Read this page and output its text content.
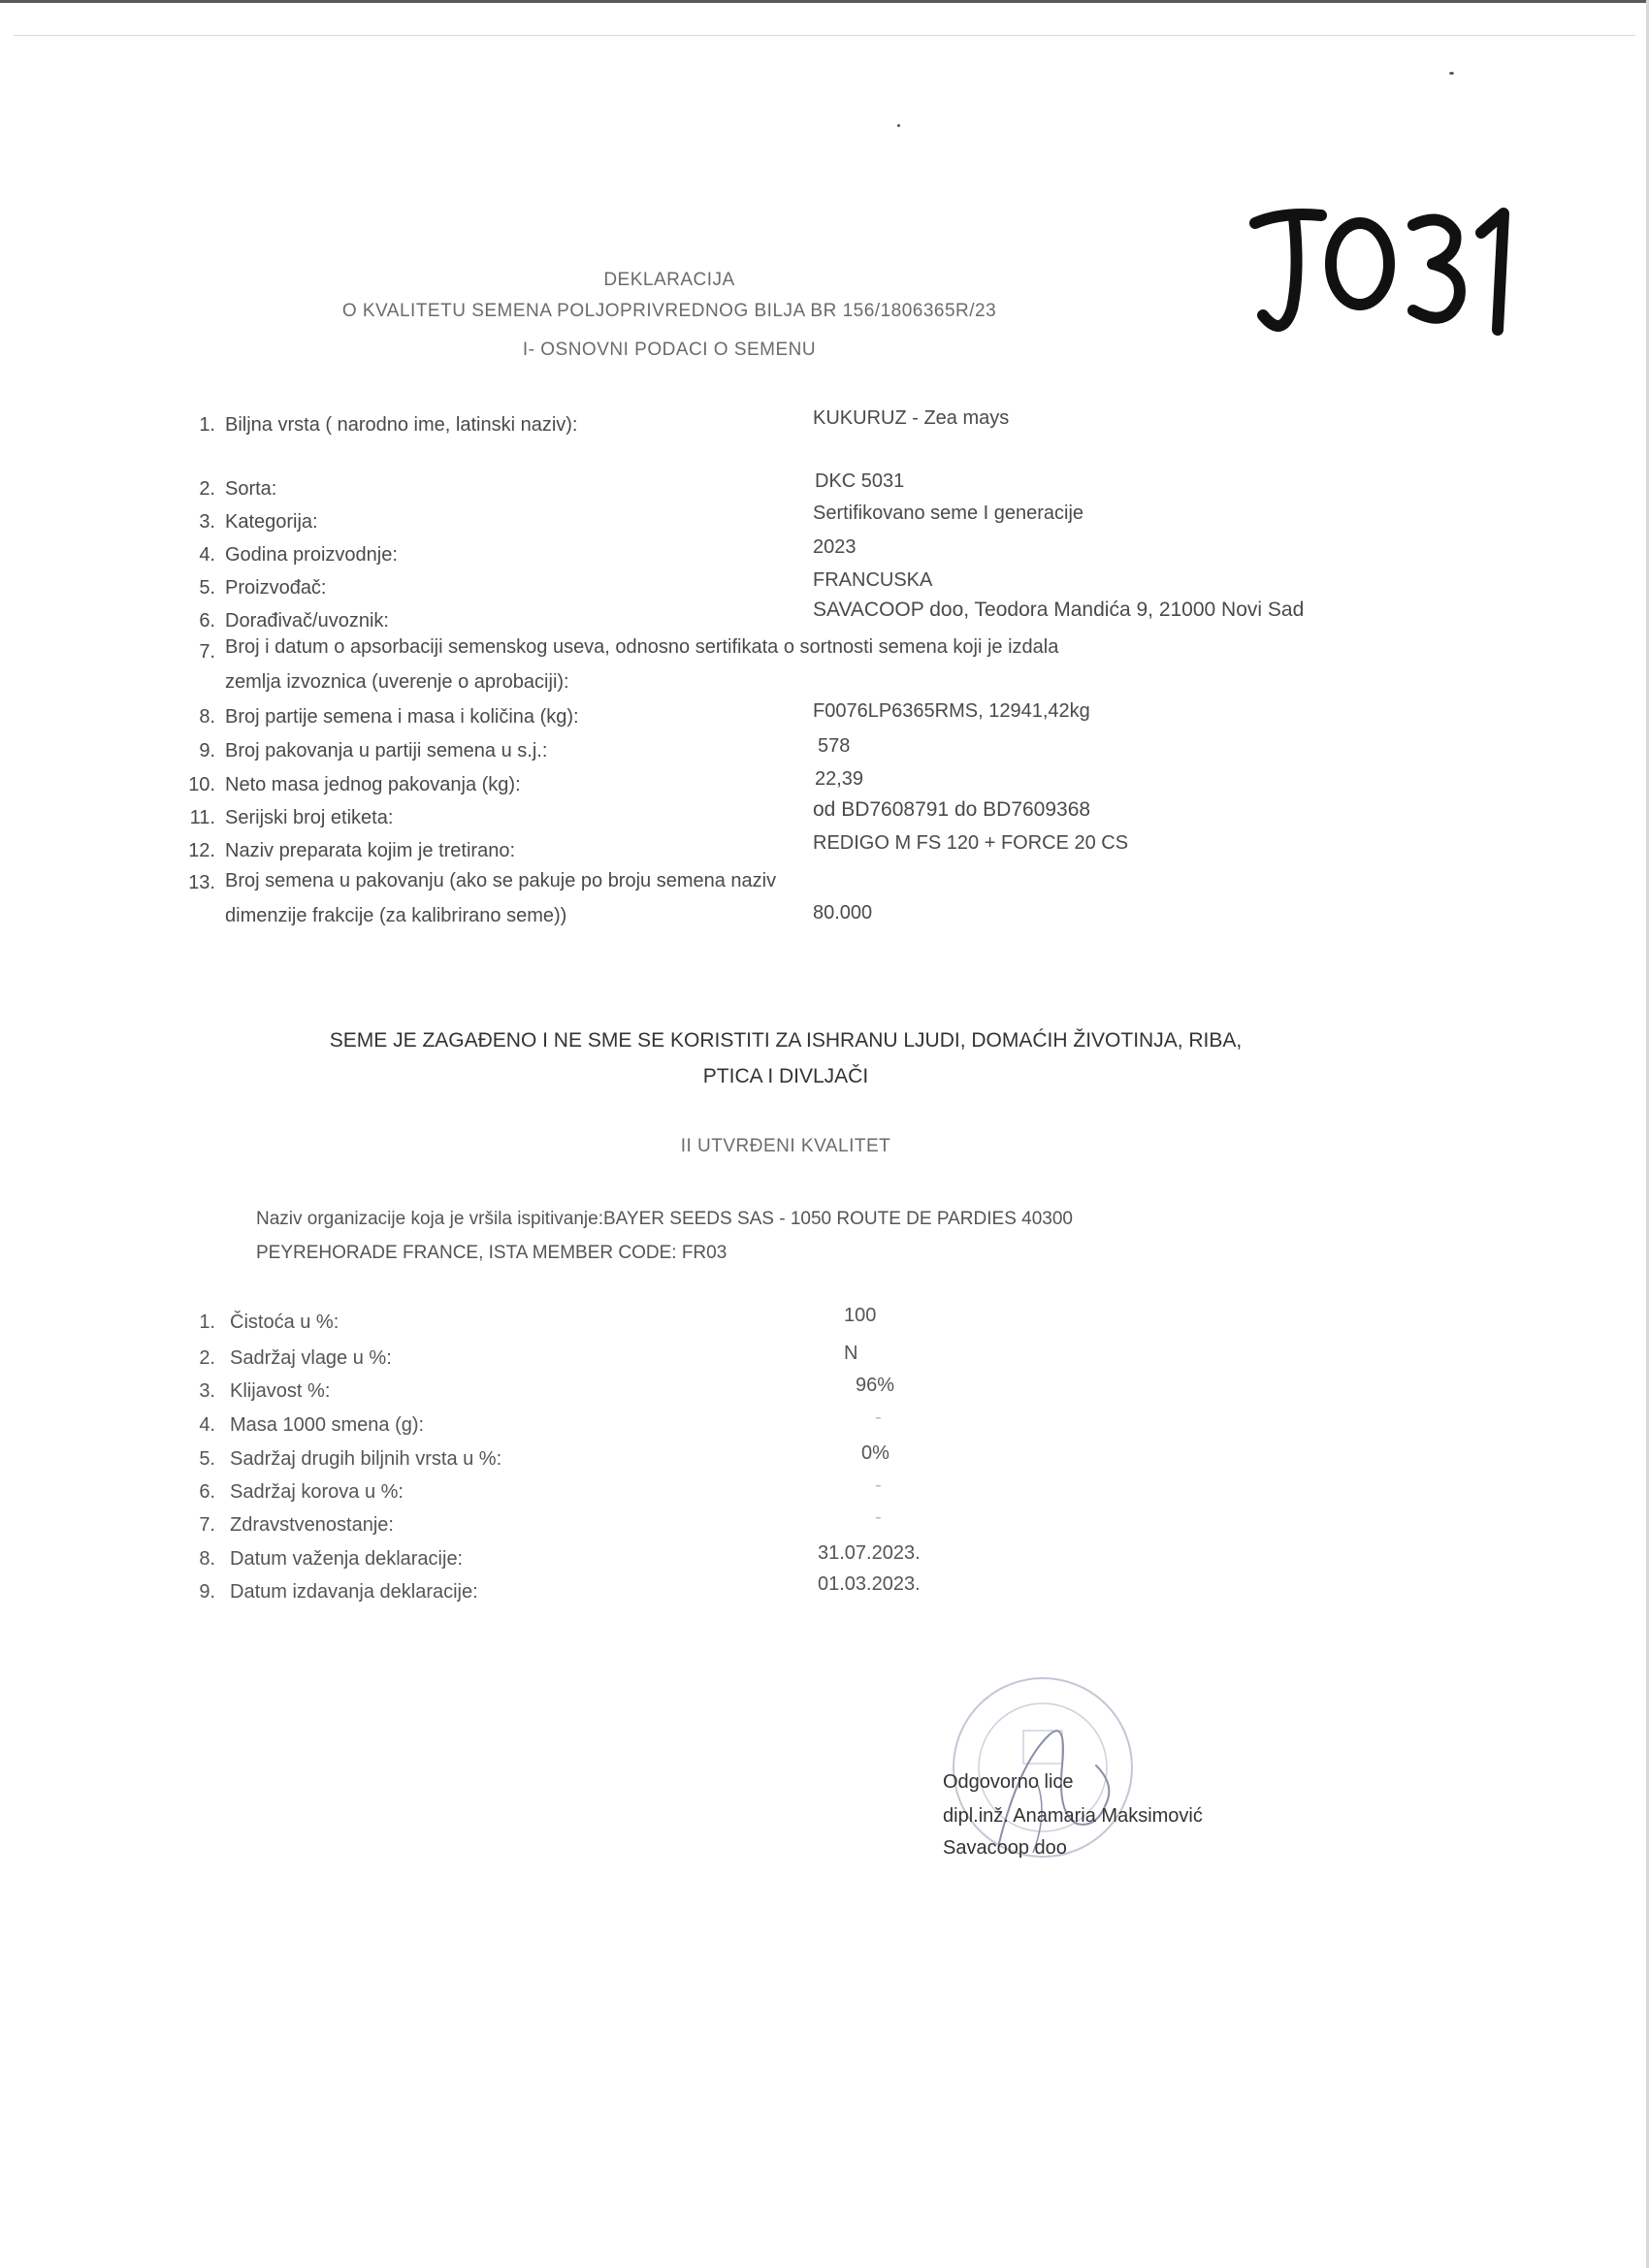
DEKLARACIJA
O KVALITETU SEMENA POLJOPRIVREDNOG BILJA BR 156/1806365R/23
I- OSNOVNI PODACI O SEMENU
1. Biljna vrsta ( narodno ime, latinski naziv):	KUKURUZ - Zea mays
2. Sorta:	DKC 5031
3. Kategorija:	Sertifikovano seme I generacije
4. Godina proizvodnje:	2023
5. Proizvođač:	FRANCUSKA
6. Dorađivač/uvoznik:	SAVACOOP doo, Teodora Mandića 9, 21000 Novi Sad
7. Broj i datum o apsorbaciji semenskog useva, odnosno sertifikata o sortnosti semena koji je izdala
zemlja izvoznica (uverenje o aprobaciji):
8. Broj partije semena i masa i količina (kg):	F0076LP6365RMS, 12941,42kg
9. Broj pakovanja u partiji semena u s.j.:	578
10. Neto masa jednog pakovanja (kg):	22,39
11. Serijski broj etiketa:	od BD7608791 do BD7609368
12. Naziv preparata kojim je tretirano:	REDIGO M FS 120 + FORCE 20 CS
13. Broj semena u pakovanju (ako se pakuje po broju semena naziv
dimenzije frakcije (za kalibrirano seme))	80.000
SEME JE ZAGAĐENO I NE SME SE KORISTITI ZA ISHRANU LJUDI, DOMAĆIH ŽIVOTINJA, RIBA,
PTICA I DIVLJAČI
II UTVRĐENI KVALITET
Naziv organizacije koja je vršila ispitivanje:BAYER SEEDS SAS - 1050 ROUTE DE PARDIES 40300
PEYREHORADE FRANCE, ISTA MEMBER CODE: FR03
1. Čistoća u %:	100
2. Sadržaj vlage u %:	N
3. Klijavost %:	96%
4. Masa 1000 smena (g):	-
5. Sadržaj drugih biljnih vrsta u %:	0%
6. Sadržaj korova u %:	-
7. Zdravstvenostanje:	-
8. Datum važenja deklaracije:	31.07.2023.
9. Datum izdavanja deklaracije:	01.03.2023.
Odgovorno lice
dipl.inž. Anamaria Maksimović
Savacoop doo
